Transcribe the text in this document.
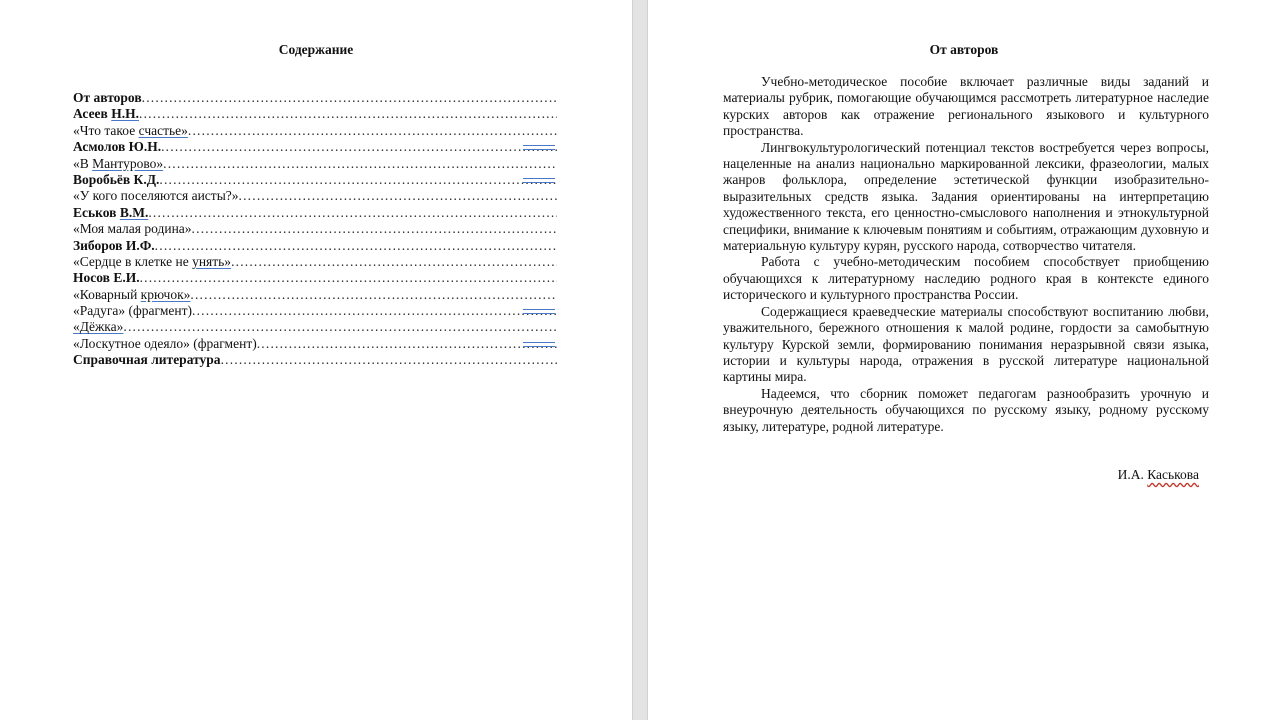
Содержание
От авторов
.....
Асеев Н.Н.
.....
«Что такое счастье»
.....
Асмолов Ю.Н.
.....
«В Мантурово»
.....
Воробьёв К.Д.
.....
«У кого поселяются аисты?»
.....
Еськов В.М.
.....
«Моя малая родина»
.....
Зиборов И.Ф.
.....
«Сердце в клетке не унять»
.....
Носов Е.И.
.....
«Коварный крючок»
.....
«Радуга» (фрагмент)
.....
«Дёжка»
.....
«Лоскутное одеяло» (фрагмент)
.....
Справочная литература
.....
От авторов

Учебно-методическое пособие включает различные виды заданий и материалы рубрик, помогающие обучающимся рассмотреть литературное наследие курских авторов как отражение регионального языкового и культурного пространства.

Лингвокультурологический потенциал текстов востребуется через вопросы, нацеленные на анализ национально маркированной лексики, фразеологии, малых жанров фольклора, определение эстетической функции изобразительно-выразительных средств языка. Задания ориентированы на интерпретацию художественного текста, его ценностно-смыслового наполнения и этнокультурной специфики, внимание к ключевым понятиям и событиям, отражающим духовную и материальную культуру курян, русского народа, сотворчество читателя.

Работа с учебно-методическим пособием способствует приобщению обучающихся к литературному наследию родного края в контексте единого исторического и культурного пространства России.

Содержащиеся краеведческие материалы способствуют воспитанию любви, уважительного, бережного отношения к малой родине, гордости за самобытную культуру Курской земли, формированию понимания неразрывной связи языка, истории и культуры народа, отражения в русской литературе национальной картины мира.

Надеемся, что сборник поможет педагогам разнообразить урочную и внеурочную деятельность обучающихся по русскому языку, родному русскому языку, литературе, родной литературе.

И.А. Каськова
